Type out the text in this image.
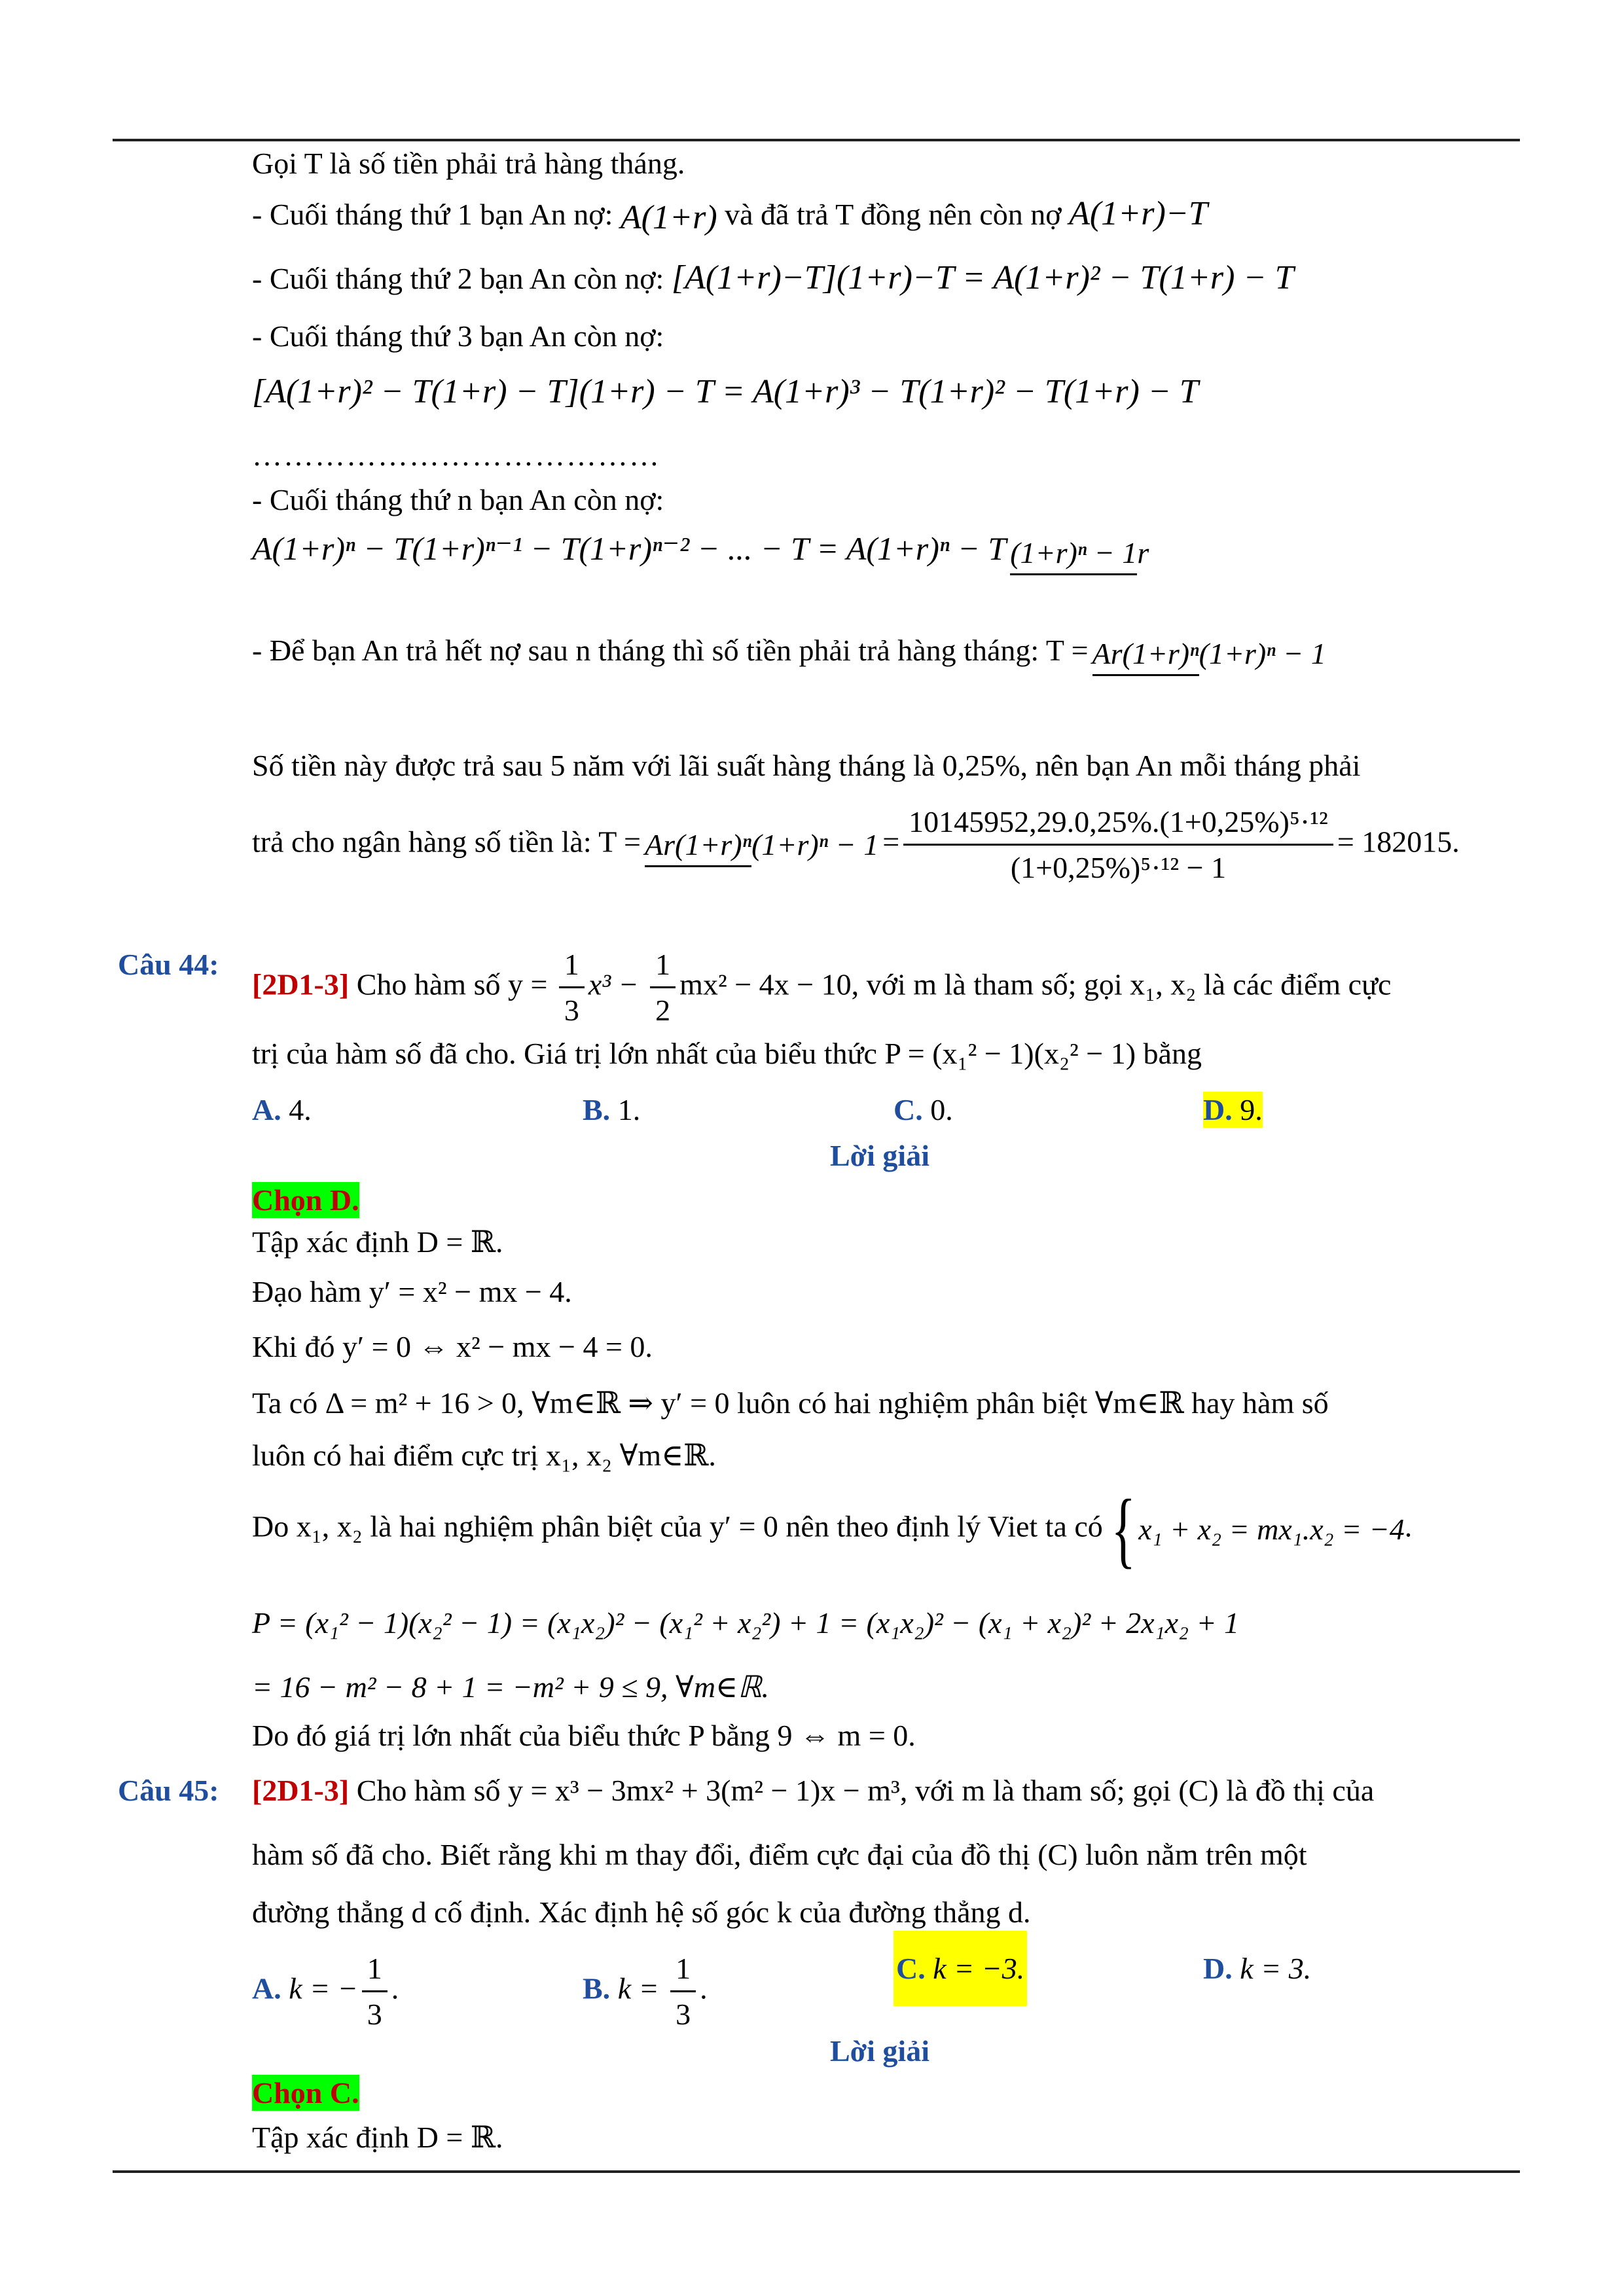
Gọi T là số tiền phải trả hàng tháng.
- Cuối tháng thứ 1 bạn An nợ: A(1+r) và đã trả T đồng nên còn nợ A(1+r)−T
- Cuối tháng thứ 2 bạn An còn nợ: [A(1+r)−T](1+r)−T = A(1+r)² − T(1+r) − T
- Cuối tháng thứ 3 bạn An còn nợ:
[A(1+r)² − T(1+r) − T](1+r) − T = A(1+r)³ − T(1+r)² − T(1+r) − T
…………………………………
- Cuối tháng thứ n bạn An còn nợ:
A(1+r)ⁿ − T(1+r)ⁿ⁻¹ − T(1+r)ⁿ⁻² − ... − T = A(1+r)ⁿ − T (1+r)ⁿ − 1r
- Để bạn An trả hết nợ sau n tháng thì số tiền phải trả hàng tháng: T = Ar(1+r)ⁿ(1+r)ⁿ − 1
Số tiền này được trả sau 5 năm với lãi suất hàng tháng là 0,25%, nên bạn An mỗi tháng phải
trả cho ngân hàng số tiền là: $T = Ar(1+r)^n(1+r)^n - 1 = \frac{\text{10145952,29.0,25\%.(1+0,25\%)⁵·¹²}}{\text{(1+0,25\%)⁵·¹² − 1}} = 182015$.
Câu 44:
[2D1-3] Cho hàm số $y = \frac{1}{3} x^3 - \frac{1}{2} mx^2 - 4x - 10$, với m là tham số; gọi x₁, x₂ là các điểm cực
trị của hàm số đã cho. Giá trị lớn nhất của biểu thức P = (x₁² − 1)(x₂² − 1) bằng
A. 4.	B. 1.	C. 0.	D. 9.
Lời giải
Chọn D.
Tập xác định D = ℝ.
Đạo hàm y′ = x² − mx − 4.
Khi đó y′ = 0 ⇔ x² − mx − 4 = 0.
Ta có Δ = m² + 16 > 0, ∀m∈ℝ ⇒ y′ = 0 luôn có hai nghiệm phân biệt ∀m∈ℝ hay hàm số
luôn có hai điểm cực trị x₁, x₂ ∀m∈ℝ.
Do x₁, x₂ là hai nghiệm phân biệt của y′ = 0 nên theo định lý Viet ta có{x₁ + x₂ = mx₁.x₂ = −4.
P = (x₁² − 1)(x₂² − 1) = (x₁x₂)² − (x₁² + x₂²) + 1 = (x₁x₂)² − (x₁ + x₂)² + 2x₁x₂ + 1
= 16 − m² − 8 + 1 = −m² + 9 ≤ 9, ∀m∈ℝ.
Do đó giá trị lớn nhất của biểu thức P bằng 9 ⇔ m = 0.
Câu 45: [2D1-3] Cho hàm số y = x³ − 3mx² + 3(m² − 1)x − m³, với m là tham số; gọi (C) là đồ thị của
hàm số đã cho. Biết rằng khi m thay đổi, điểm cực đại của đồ thị (C) luôn nằm trên một
đường thẳng d cố định. Xác định hệ số góc k của đường thẳng d.
A. k = − $\frac{1}{3}$ .	B. $k = \frac{1}{3}$ .
C. k = −3.	D. k = 3.
Lời giải
Chọn C.
Tập xác định D = ℝ.
